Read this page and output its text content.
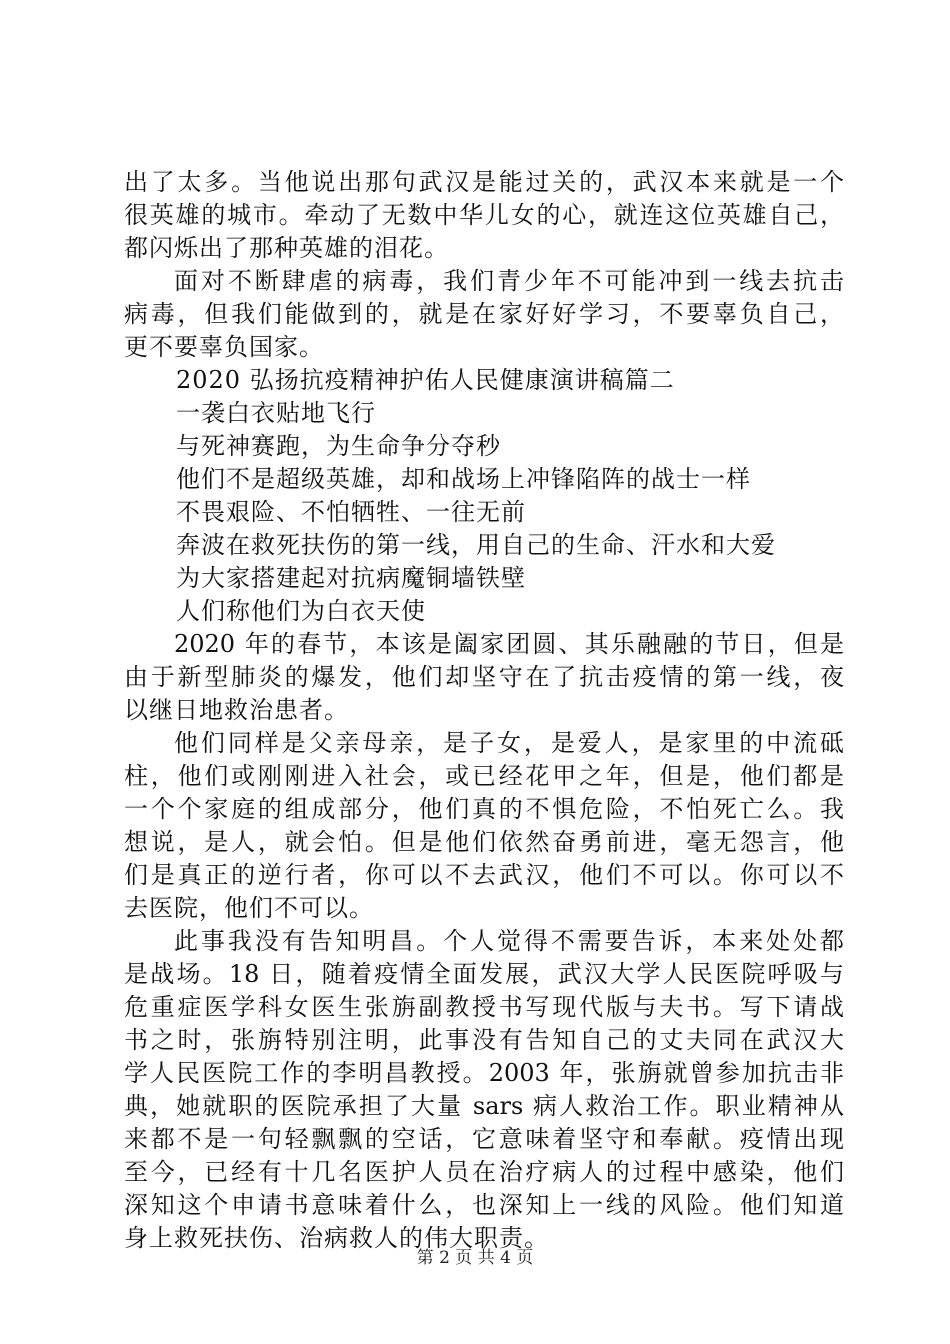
出了太多。当他说出那句武汉是能过关的，武汉本来就是一个
很英雄的城市。牵动了无数中华儿女的心，就连这位英雄自己，
都闪烁出了那种英雄的泪花。
面对不断肆虐的病毒，我们青少年不可能冲到一线去抗击
病毒，但我们能做到的，就是在家好好学习，不要辜负自己，
更不要辜负国家。
2020 弘扬抗疫精神护佑人民健康演讲稿篇二
一袭白衣贴地飞行
与死神赛跑，为生命争分夺秒
他们不是超级英雄，却和战场上冲锋陷阵的战士一样
不畏艰险、不怕牺牲、一往无前
奔波在救死扶伤的第一线，用自己的生命、汗水和大爱
为大家搭建起对抗病魔铜墙铁壁
人们称他们为白衣天使
2020 年的春节，本该是阖家团圆、其乐融融的节日，但是
由于新型肺炎的爆发，他们却坚守在了抗击疫情的第一线，夜
以继日地救治患者。
他们同样是父亲母亲，是子女，是爱人，是家里的中流砥
柱，他们或刚刚进入社会，或已经花甲之年，但是，他们都是
一个个家庭的组成部分，他们真的不惧危险，不怕死亡么。我
想说，是人，就会怕。但是他们依然奋勇前进，毫无怨言，他
们是真正的逆行者，你可以不去武汉，他们不可以。你可以不
去医院，他们不可以。
此事我没有告知明昌。个人觉得不需要告诉，本来处处都
是战场。18 日，随着疫情全面发展，武汉大学人民医院呼吸与
危重症医学科女医生张旃副教授书写现代版与夫书。写下请战
书之时，张旃特别注明，此事没有告知自己的丈夫同在武汉大
学人民医院工作的李明昌教授。2003 年，张旃就曾参加抗击非
典，她就职的医院承担了大量 sars 病人救治工作。职业精神从
来都不是一句轻飘飘的空话，它意味着坚守和奉献。疫情出现
至今，已经有十几名医护人员在治疗病人的过程中感染，他们
深知这个申请书意味着什么，也深知上一线的风险。他们知道
身上救死扶伤、治病救人的伟大职责。
第 2 页 共 4 页
